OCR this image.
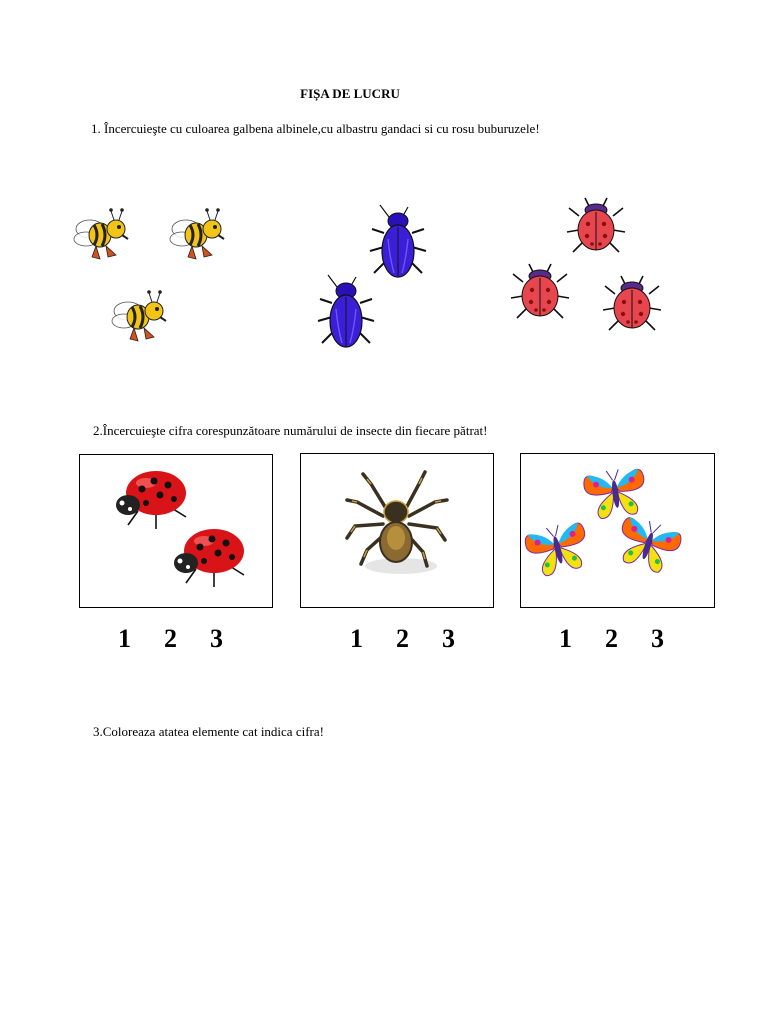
FIȘA DE LUCRU
1. Încercuieşte cu culoarea galbena albinele,cu albastru gandaci si cu rosu buburuzele!
2.Încercuieşte cifra corespunzătoare numărului de insecte din fiecare pătrat!
1 2 3	1 2 3	1 2 3
3.Coloreaza atatea elemente cat indica cifra!
